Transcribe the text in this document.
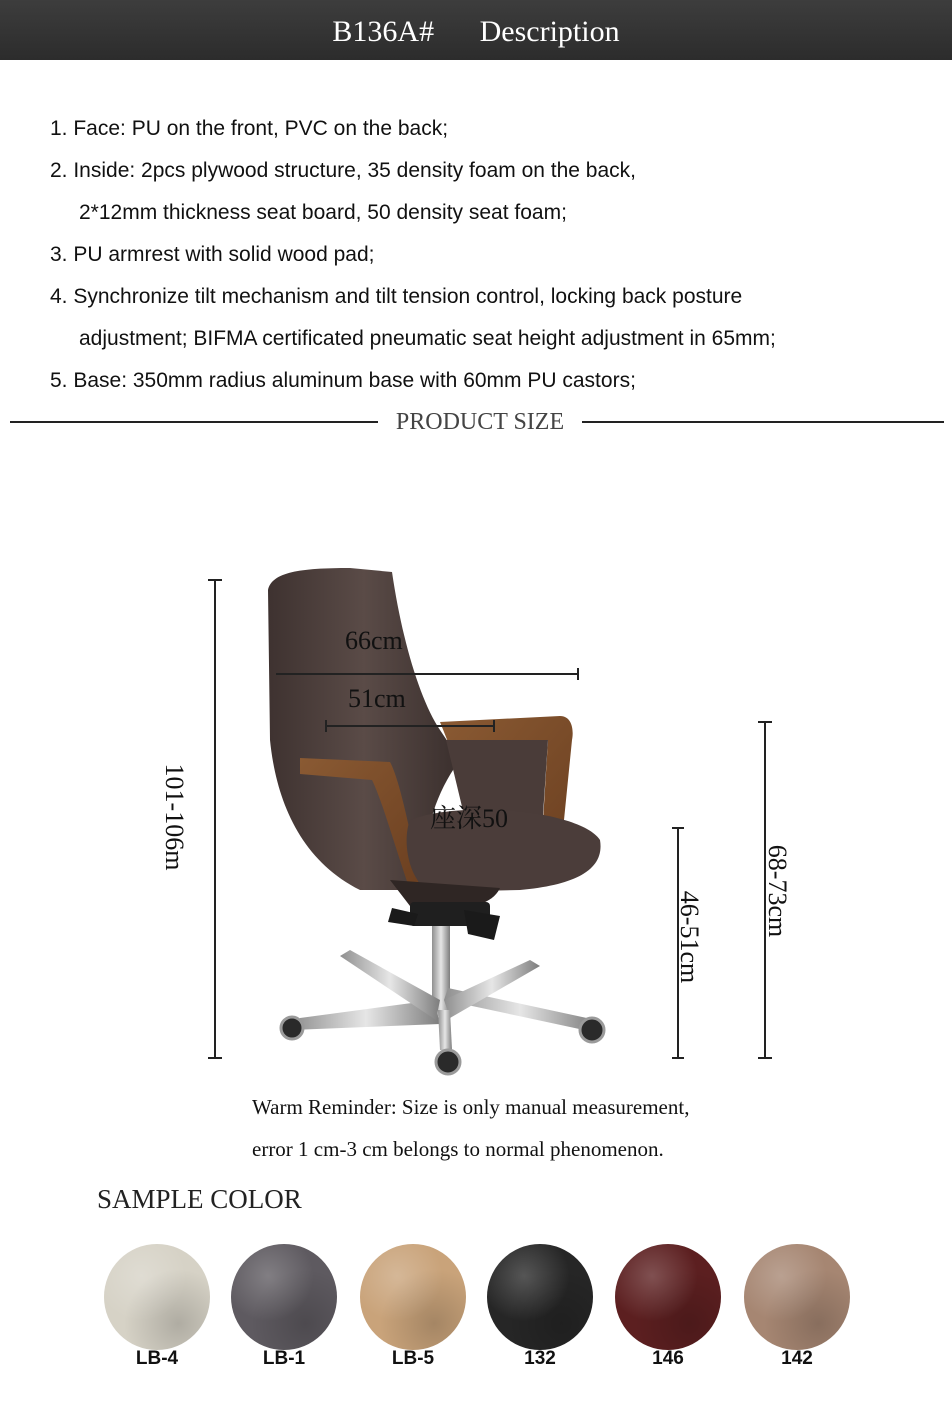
B136A# Description
1. Face: PU on the front, PVC on the back;
2. Inside: 2pcs plywood structure, 35 density foam on the back,
2*12mm thickness seat board, 50 density seat foam;
3. PU armrest with solid wood pad;
4. Synchronize tilt mechanism and tilt tension control, locking back posture
adjustment; BIFMA certificated pneumatic seat height adjustment in 65mm;
5. Base: 350mm radius aluminum base with 60mm PU castors;
PRODUCT SIZE
66cm
51cm
座深50
101-106m
46-51cm 68-73cm
Warm Reminder: Size is only manual measurement,
error 1 cm-3 cm belongs to normal phenomenon.
SAMPLE COLOR
LB-4	LB-1	LB-5	132	146	142
